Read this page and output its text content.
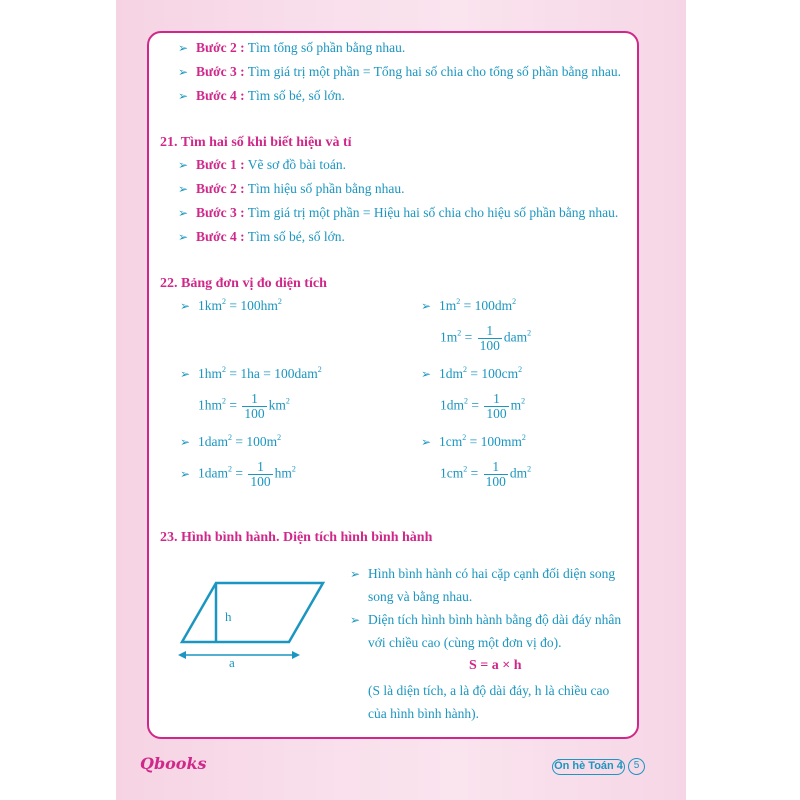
➢ Bước 2 : Tìm tổng số phần bằng nhau.
➢ Bước 3 : Tìm giá trị một phần = Tổng hai số chia cho tổng số phần bằng nhau.
➢ Bước 4 : Tìm số bé, số lớn.
21. Tìm hai số khi biết hiệu và tỉ
➢ Bước 1 : Vẽ sơ đồ bài toán.
➢ Bước 2 : Tìm hiệu số phần bằng nhau.
➢ Bước 3 : Tìm giá trị một phần = Hiệu hai số chia cho hiệu số phần bằng nhau.
➢ Bước 4 : Tìm số bé, số lớn.
22. Bảng đơn vị đo diện tích
➢ $1km^2 = 100hm^2$
➢ $1hm^2 = 1ha = 100dam^2$
$1hm^2 = \frac{1}{100} km^2$
➢ $1dam^2 = 100m^2$
➢ $1dam^2 = \frac{1}{100} hm^2$
➢ $1m^2 = 100dm^2$
$1m^2 = \frac{1}{100} dam^2$
➢ $1dm^2 = 100cm^2$
$1dm^2 = \frac{1}{100} m^2$
➢ $1cm^2 = 100mm^2$
$1cm^2 = \frac{1}{100} dm^2$
23. Hình bình hành. Diện tích hình bình hành
h
a
➢ Hình bình hành có hai cặp cạnh đối diện song
song và bằng nhau.
➢ Diện tích hình bình hành bằng độ dài đáy nhân
với chiều cao (cùng một đơn vị đo).
S = a × h
(S là diện tích, a là độ dài đáy, h là chiều cao
của hình bình hành).
Qbooks	Ôn hè Toán 4	5
